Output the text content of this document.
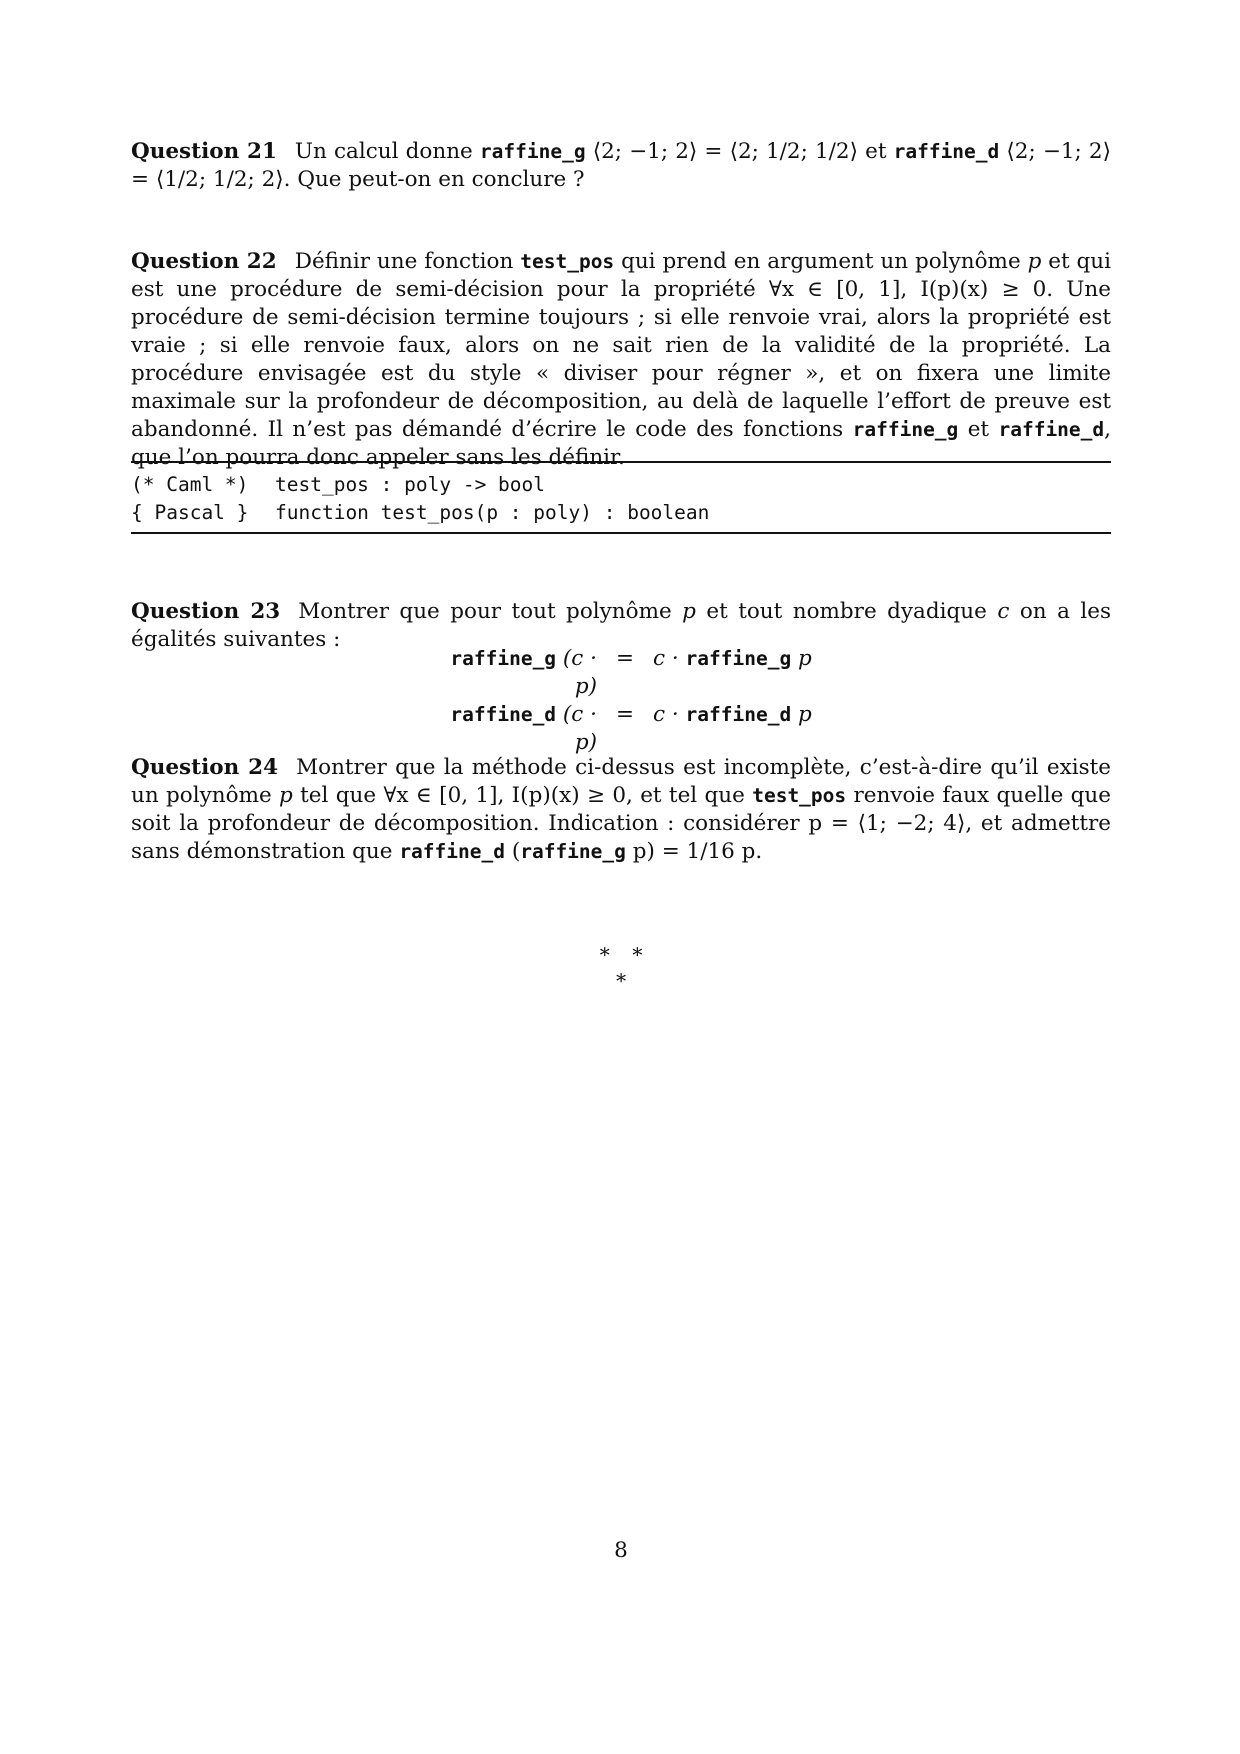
Question 21 Un calcul donne raffine_g ⟨2; −1; 2⟩ = ⟨2; 1/2; 1/2⟩ et raffine_d ⟨2; −1; 2⟩ = ⟨1/2; 1/2; 2⟩. Que peut-on en conclure ?

Question 22 Définir une fonction test_pos qui prend en argument un polynôme p et qui est une procédure de semi-décision pour la propriété ∀x ∈ [0, 1], I(p)(x) ≥ 0. Une procédure de semi-décision termine toujours ; si elle renvoie vrai, alors la propriété est vraie ; si elle renvoie faux, alors on ne sait rien de la validité de la propriété. La procédure envisagée est du style « diviser pour régner », et on fixera une limite maximale sur la profondeur de décomposition, au delà de laquelle l’effort de preuve est abandonné. Il n’est pas démandé d’écrire le code des fonctions raffine_g et raffine_d, que l’on pourra donc appeler sans les définir.

(* Caml *) test_pos : poly -> bool

{ Pascal } function test_pos(p : poly) : boolean

Question 23 Montrer que pour tout polynôme p et tout nombre dyadique c on a les égalités suivantes :

raffine_g (c · p)
= c · raffine_g p
raffine_d (c · p)
= c · raffine_d p

Question 24 Montrer que la méthode ci-dessus est incomplète, c’est-à-dire qu’il existe un polynôme p tel que ∀x ∈ [0, 1], I(p)(x) ≥ 0, et tel que test_pos renvoie faux quelle que soit la profondeur de décomposition. Indication : considérer p = ⟨1; −2; 4⟩, et admettre sans démonstration que raffine_d (raffine_g p) = 1/16 p.

∗   ∗
∗
8
